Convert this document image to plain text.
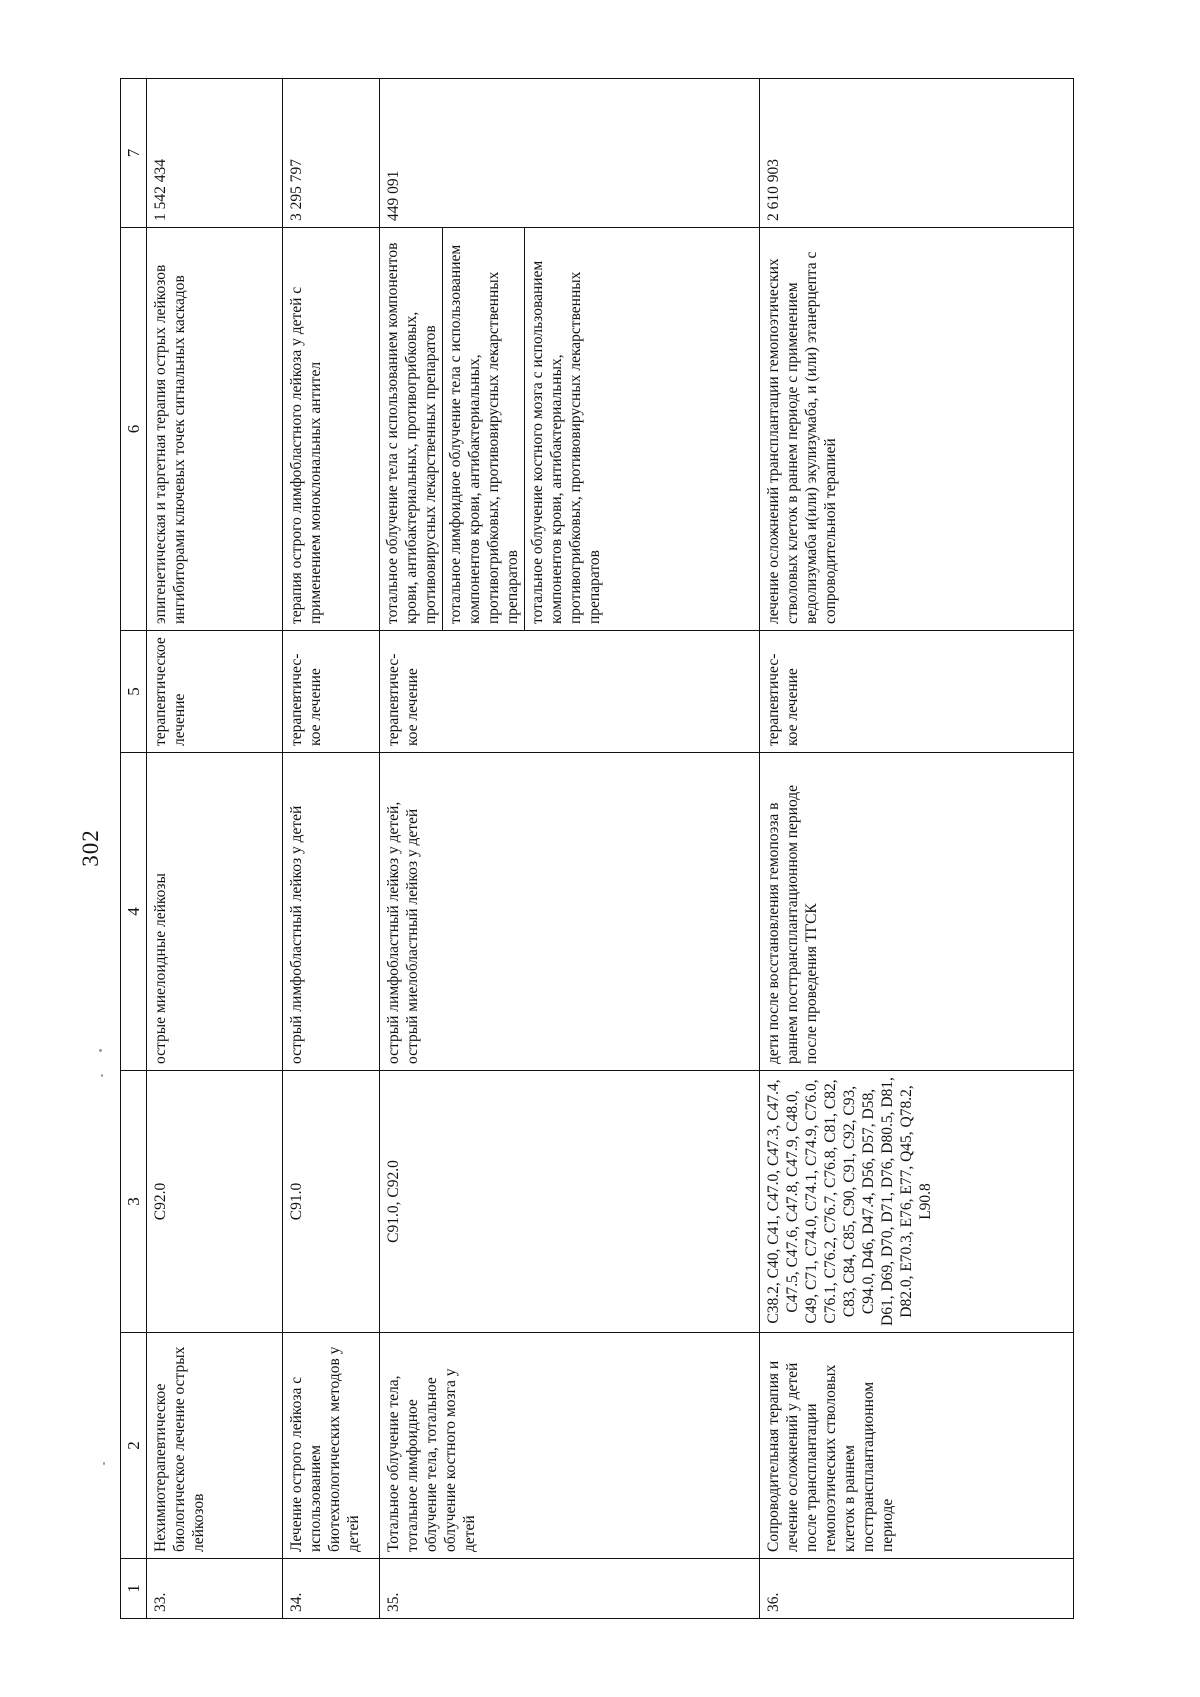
302
1	2	3	4	5	6	7
33.	Нехимиотерапевтическое биологическое лечение острых лейкозов	C92.0	острые миелоидные лейкозы	терапевтическое лечение	эпигенетическая и таргетная терапия острых лейкозов ингибиторами ключевых точек сигнальных каскадов	1 542 434
34.	Лечение острого лейкоза с использованием биотехнологических методов у детей	C91.0	острый лимфобластный лейкоз у детей	терапевтичес-кое лечение	терапия острого лимфобластного лейкоза у детей с применением моноклональных антител	3 295 797
35.	Тотальное облучение тела, тотальное лимфоидное облучение тела, тотальное облучение костного мозга у детей	C91.0, C92.0	острый лимфобластный лейкоз у детей, острый миелобластный лейкоз у детей	терапевтичес-кое лечение	тотальное облучение тела с использованием компонентов крови, антибактериальных, противогрибковых, противовирусных лекарственных препаратов тотальное лимфоидное облучение тела с использованием компонентов крови, антибактериальных, противогрибковых, противовирусных лекарственных препаратов тотальное облучение костного мозга с использованием компонентов крови, антибактериальных, противогрибковых, противовирусных лекарственных препаратов	449 091
36.	Сопроводительная терапия и лечение осложнений у детей после трансплантации гемопоэтических стволовых клеток в раннем посттрансплантационном периоде	C38.2, C40, C41, C47.0, C47.3, C47.4, C47.5, C47.6, C47.8, C47.9, C48.0, C49, C71, C74.0, C74.1, C74.9, C76.0, C76.1, C76.2, C76.7, C76.8, C81, C82, C83, C84, C85, C90, C91, C92, C93, C94.0, D46, D47.4, D56, D57, D58, D61, D69, D70, D71, D76, D80.5, D81, D82.0, E70.3, E76, E77, Q45, Q78.2, L90.8	дети после восстановления гемопоэза в раннем посттрансплантационном периоде после проведения ТГСК	терапевтичес-кое лечение	лечение осложнений трансплантации гемопоэтических стволовых клеток в раннем периоде с применением ведолизумаба и(или) экулизумаба, и (или) этанерцепта с сопроводительной терапией	2 610 903
